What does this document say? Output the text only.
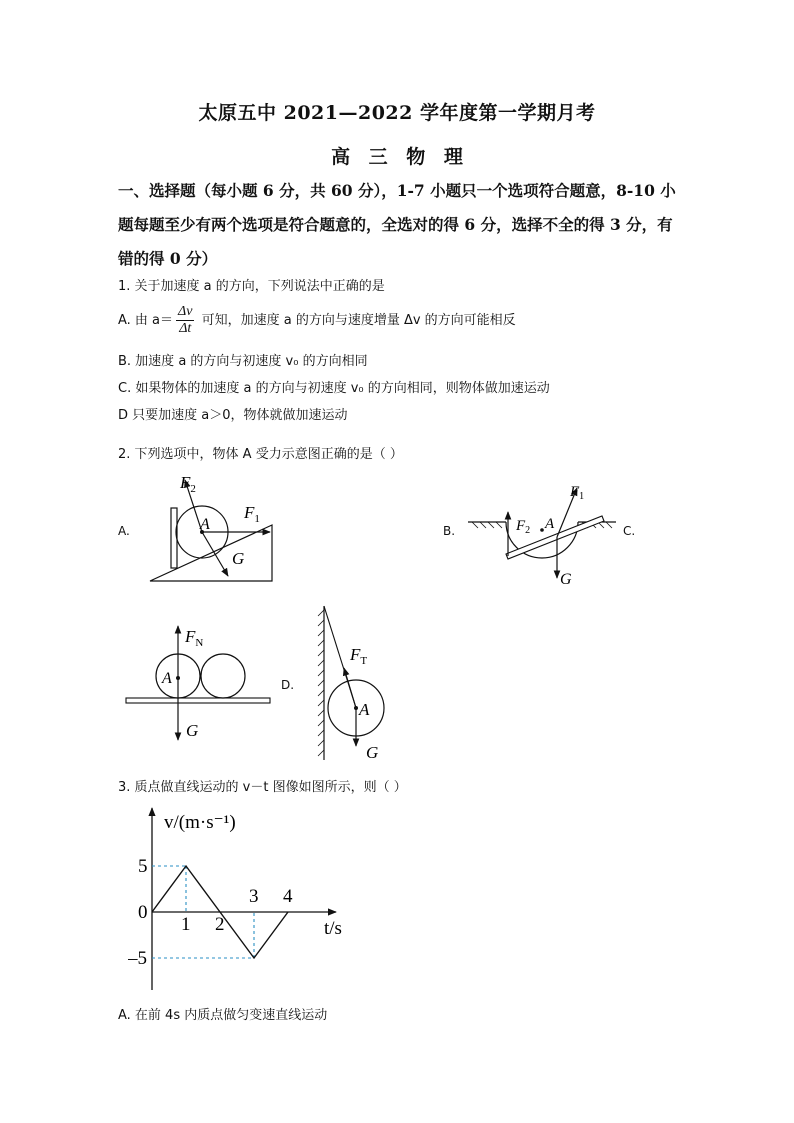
太原五中 2021—2022 学年度第一学期月考
高 三 物 理
一、选择题（每小题 6 分，共 60 分），1-7 小题只一个选项符合题意，8-10 小题每题至少有两个选项是符合题意的，全选对的得 6 分，选择不全的得 3 分，有错的得 0 分）
1. 关于加速度 a 的方向，下列说法中正确的是
A. 由 $a= \frac{\Delta v}{\Delta t}$ 可知，加速度 a 的方向与速度增量 Δv 的方向可能相反
B. 加速度 a 的方向与初速度 v₀ 的方向相同
C. 如果物体的加速度 a 的方向与初速度 v₀ 的方向相同，则物体做加速运动
D 只要加速度 a＞0，物体就做加速运动
2. 下列选项中，物体 A 受力示意图正确的是（ ）
A.	B.	C.
D.
$F_2$
$F_1$
A
G
$F_1$
$F_2$ A
G
$F_N$
A
G
$F_T$
A
G
3. 质点做直线运动的 v－t 图像如图所示，则（ ）
1 2
3 4
5
0
–5
v/(m·s⁻¹)
t/s
A. 在前 4s 内质点做匀变速直线运动
